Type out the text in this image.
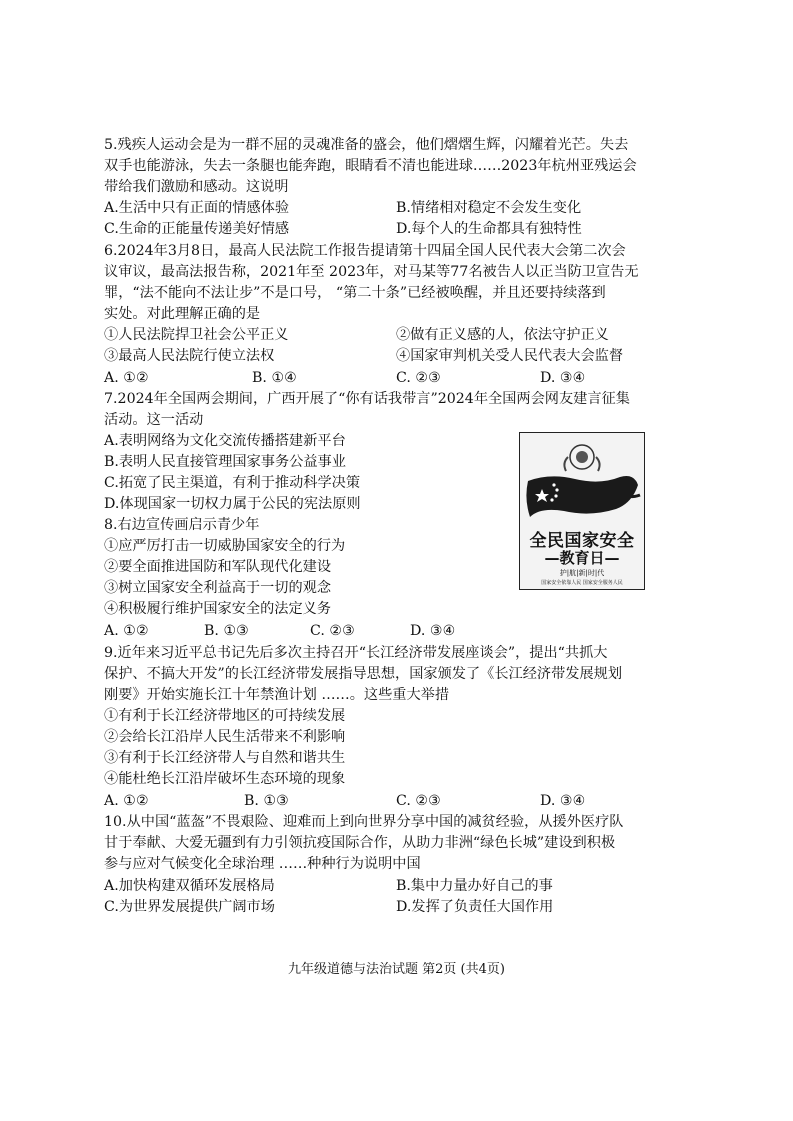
5.残疾人运动会是为一群不屈的灵魂准备的盛会，他们熠熠生辉，闪耀着光芒。失去
双手也能游泳，失去一条腿也能奔跑，眼睛看不清也能进球……2023年杭州亚残运会
带给我们激励和感动。这说明
A.生活中只有正面的情感体验	B.情绪相对稳定不会发生变化
C.生命的正能量传递美好情感	D.每个人的生命都具有独特性
6.2024年3月8日，最高人民法院工作报告提请第十四届全国人民代表大会第二次会
议审议，最高法报告称，2021年至 2023年，对马某等77名被告人以正当防卫宣告无
罪，“法不能向不法让步”不是口号， “第二十条”已经被唤醒，并且还要持续落到
实处。对此理解正确的是
①人民法院捍卫社会公平正义	②做有正义感的人，依法守护正义
③最高人民法院行使立法权	④国家审判机关受人民代表大会监督
A. ①②	B. ①④	C. ②③	D. ③④
7.2024年全国两会期间，广西开展了“你有话我带言”2024年全国两会网友建言征集
活动。这一活动
A.表明网络为文化交流传播搭建新平台
B.表明人民直接管理国家事务公益事业
C.拓宽了民主渠道，有利于推动科学决策
D.体现国家一切权力属于公民的宪法原则
8.右边宣传画启示青少年
①应严厉打击一切威胁国家安全的行为
②要全面推进国防和军队现代化建设
③树立国家安全利益高于一切的观念
④积极履行维护国家安全的法定义务
A. ①②	B. ①③	C. ②③	D. ③④
全民国家安全
—教育日—
护|航|新|时|代
国家安全依靠人民 国家安全服务人民
9.近年来习近平总书记先后多次主持召开“长江经济带发展座谈会”，提出“共抓大
保护、不搞大开发”的长江经济带发展指导思想，国家颁发了《长江经济带发展规划
刚要》开始实施长江十年禁渔计划 ……。这些重大举措
①有利于长江经济带地区的可持续发展
②会给长江沿岸人民生活带来不利影响
③有利于长江经济带人与自然和谐共生
④能杜绝长江沿岸破坏生态环境的现象
A. ①②	B. ①③	C. ②③	D. ③④
10.从中国“蓝盔”不畏艰险、迎难而上到向世界分享中国的减贫经验，从援外医疗队
甘于奉献、大爱无疆到有力引领抗疫国际合作，从助力非洲“绿色长城”建设到积极
参与应对气候变化全球治理 ……种种行为说明中国
A.加快构建双循环发展格局	B.集中力量办好自己的事
C.为世界发展提供广阔市场	D.发挥了负责任大国作用
九年级道德与法治试题 第2页 (共4页)
